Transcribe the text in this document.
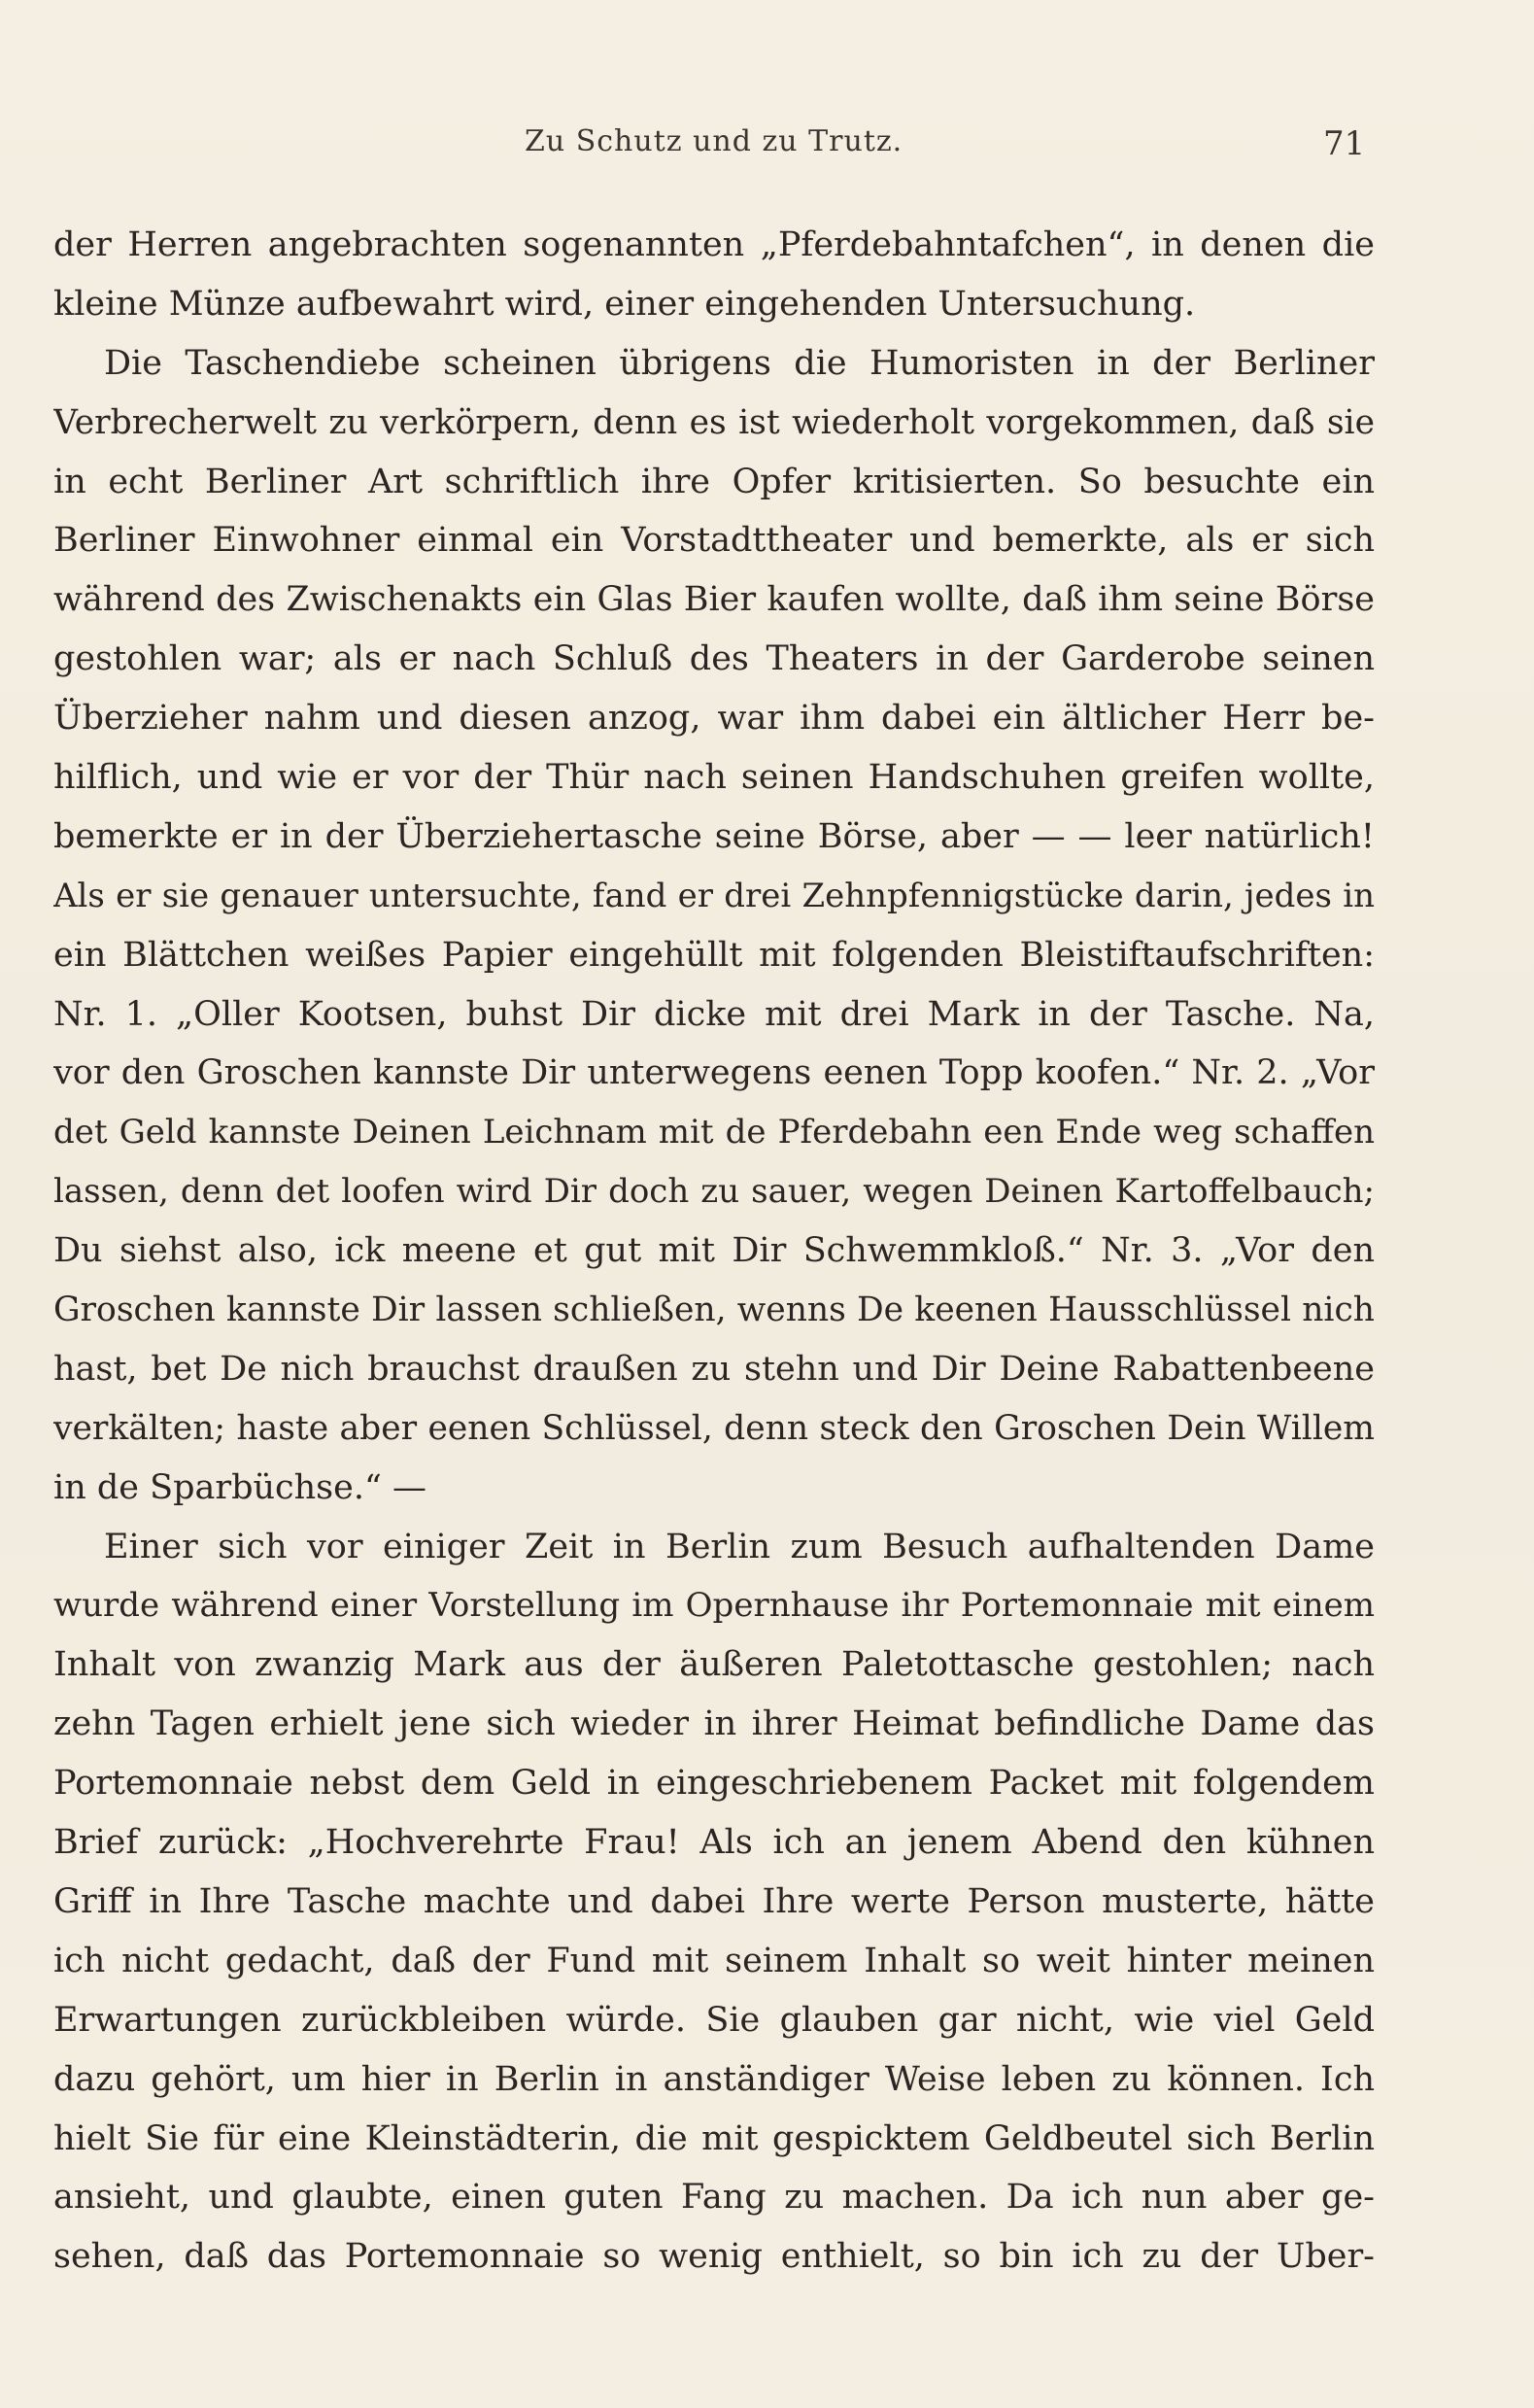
Zu Schutz und zu Trutz.	71
der Herren angebrachten sogenannten „Pferdebahntafchen“, in denen die
kleine Münze aufbewahrt wird, einer eingehenden Untersuchung.
Die Taschendiebe scheinen übrigens die Humoristen in der Berliner
Verbrecherwelt zu verkörpern, denn es ist wiederholt vorgekommen, daß sie
in echt Berliner Art schriftlich ihre Opfer kritisierten. So besuchte ein
Berliner Einwohner einmal ein Vorstadttheater und bemerkte, als er sich
während des Zwischenakts ein Glas Bier kaufen wollte, daß ihm seine Börse
gestohlen war; als er nach Schluß des Theaters in der Garderobe seinen
Überzieher nahm und diesen anzog, war ihm dabei ein ältlicher Herr be-
hilflich, und wie er vor der Thür nach seinen Handschuhen greifen wollte,
bemerkte er in der Überziehertasche seine Börse, aber — — leer natürlich!
Als er sie genauer untersuchte, fand er drei Zehnpfennigstücke darin, jedes in
ein Blättchen weißes Papier eingehüllt mit folgenden Bleistiftaufschriften:
Nr. 1. „Oller Kootsen, buhst Dir dicke mit drei Mark in der Tasche. Na,
vor den Groschen kannste Dir unterwegens eenen Topp koofen.“ Nr. 2. „Vor
det Geld kannste Deinen Leichnam mit de Pferdebahn een Ende weg schaffen
lassen, denn det loofen wird Dir doch zu sauer, wegen Deinen Kartoffelbauch;
Du siehst also, ick meene et gut mit Dir Schwemmkloß.“ Nr. 3. „Vor den
Groschen kannste Dir lassen schließen, wenns De keenen Hausschlüssel nich
hast, bet De nich brauchst draußen zu stehn und Dir Deine Rabattenbeene
verkälten; haste aber eenen Schlüssel, denn steck den Groschen Dein Willem
in de Sparbüchse.“ —
Einer sich vor einiger Zeit in Berlin zum Besuch aufhaltenden Dame
wurde während einer Vorstellung im Opernhause ihr Portemonnaie mit einem
Inhalt von zwanzig Mark aus der äußeren Paletottasche gestohlen; nach
zehn Tagen erhielt jene sich wieder in ihrer Heimat befindliche Dame das
Portemonnaie nebst dem Geld in eingeschriebenem Packet mit folgendem
Brief zurück: „Hochverehrte Frau! Als ich an jenem Abend den kühnen
Griff in Ihre Tasche machte und dabei Ihre werte Person musterte, hätte
ich nicht gedacht, daß der Fund mit seinem Inhalt so weit hinter meinen
Erwartungen zurückbleiben würde. Sie glauben gar nicht, wie viel Geld
dazu gehört, um hier in Berlin in anständiger Weise leben zu können. Ich
hielt Sie für eine Kleinstädterin, die mit gespicktem Geldbeutel sich Berlin
ansieht, und glaubte, einen guten Fang zu machen. Da ich nun aber ge-
sehen, daß das Portemonnaie so wenig enthielt, so bin ich zu der Uber-
